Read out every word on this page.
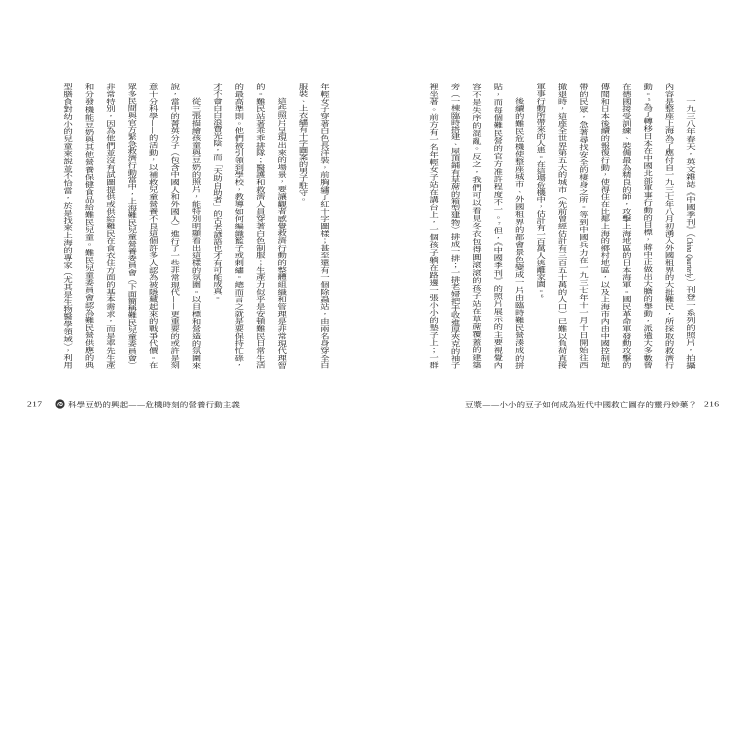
年輕女子穿著白色長洋裝，前胸繡了紅十字圖樣；甚至還有一個除蝨站，由兩名身穿全白
服裝、上衣繡有十字圖案的男子駐守。
這些照片呈現出來的場景，要讓觀者感覺救濟行動的整體組織和管理是非常現代理智
的。難民站著乖乖排隊；醫護和救濟人員穿著白色制服；生產力似乎是安頓難民日常生活
的最高準則。他們被引領到學校，教導如何編織籃子或刺繡。總而言之就是要保持忙碌，
才不會白白浪費光陰，而「天助自助者」的古老諺語也才有可能成真。
從三張描繪孩童與豆奶的照片，能特別明顯看出這樣的氛圍。以目標和營造的氛圍來
說，當中的菁英分子（包含中國人和外國人）進行了一些非常現代——更重要的或許是刻
意十分科學——的活動，以補救兒童營養不良這個許多人認為被隱藏起來的戰爭代價。在
眾多民間與官方緊急救濟行動當中，上海難民兒童營養委員會（下面簡稱難民兒童委員會）
非常特別，因為他們並沒有試圖提供或供給難民在食衣住方面的基本需求，而是率先生產
和分發機能豆奶與其他營養保健食品給難民兒童。難民兒童委員會認為難民營供應的典
型膳食對幼小的兒童來說並不恰當，於是找來上海的專家（尤其是生物醫學領域），利用
217	科學豆奶的興起——危機時刻的營養行動主義
一九三八年春天，英文雜誌《中國季刊》（China Quarterly）刊登一系列的照片，拍攝
內容是整座上海為了應付自一九三七年八月初湧入外國租界的大批難民，所採取的救濟行
動。5為了轉移日本在中國北部軍事行動的目標，蔣中正做出大膽的舉動，派遣大多數曾
在德國接受訓練、裝備最為精良的師，攻擊上海地區的日本海軍。國民革命軍發動攻擊的
傳聞和日本後續的報復行動，使得住在比鄰上海的鄉村地區，以及上海市內由中國控制地
帶的民眾，急著尋找安全的棲身之所。等到中國兵力在一九三七年十一月十日開始往西
撤退時，這座全世界第五大的城市（先前曾經估計有三百五十萬的人口）已難以負荷直接
軍事行動所帶來的人患。在這場危機中，估計有一百萬人逃離家園。6
後續的難民危機使整座城市、外國租界的都會景色變成一片由臨時難民營湊成的拼
貼，而每個難民營的官方准許程度不一。7但，《中國季刊》的照片展示的主要視覺內
容不是失序的混亂。反之，我們可以看見冬衣包得圓滾滾的孩子站在草蓆覆蓋的建築
旁（一棟臨時搭建、屋頂鋪有草蓆的箱型建物）排成一排；一排老婦把手收進厚夾克的袖子
裡坐著。前方有一名年輕女子站在講台上，一個孩子躺在路邊一張小小的墊子上；一群
豆漿——小小的豆子如何成為近代中國救亡圖存的靈丹妙藥？ 216
